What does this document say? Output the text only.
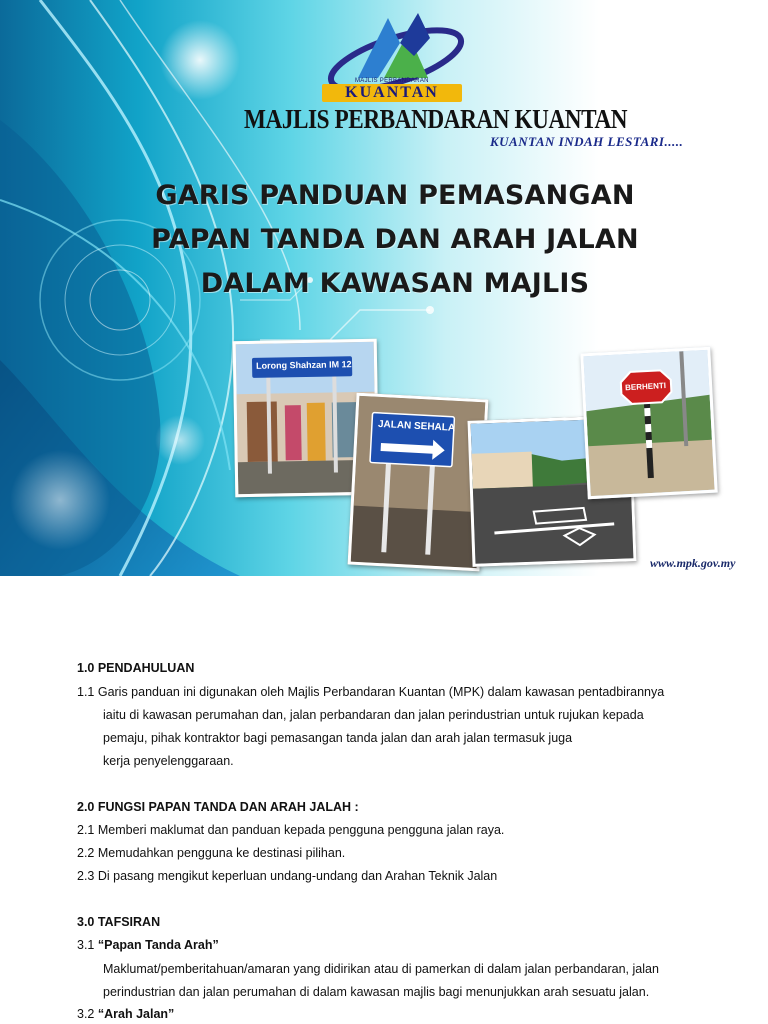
KUANTAN
MAJLIS PERBANDARAN
MAJLIS PERBANDARAN KUANTAN
KUANTAN INDAH LESTARI.....
GARIS PANDUAN PEMASANGAN
PAPAN TANDA DAN ARAH JALAN
DALAM KAWASAN MAJLIS
Lorong Shahzan IM 12
JALAN SEHALA
BERHENTI
www.mpk.gov.my
1.0 PENDAHULUAN
1.1 Garis panduan ini digunakan oleh Majlis Perbandaran Kuantan (MPK) dalam kawasan pentadbirannya
iaitu di kawasan perumahan dan, jalan perbandaran dan jalan perindustrian untuk rujukan kepada
pemaju, pihak kontraktor bagi pemasangan tanda jalan dan arah jalan termasuk juga
kerja penyelenggaraan.
2.0 FUNGSI PAPAN TANDA DAN ARAH JALAH :
2.1 Memberi maklumat dan panduan kepada pengguna pengguna jalan raya.
2.2 Memudahkan pengguna ke destinasi pilihan.
2.3 Di pasang mengikut keperluan undang-undang dan Arahan Teknik Jalan
3.0 TAFSIRAN
3.1 “Papan Tanda Arah”
Maklumat/pemberitahuan/amaran yang didirikan atau di pamerkan di dalam jalan perbandaran, jalan
perindustrian dan jalan perumahan di dalam kawasan majlis bagi menunjukkan arah sesuatu jalan.
3.2 “Arah Jalan”
